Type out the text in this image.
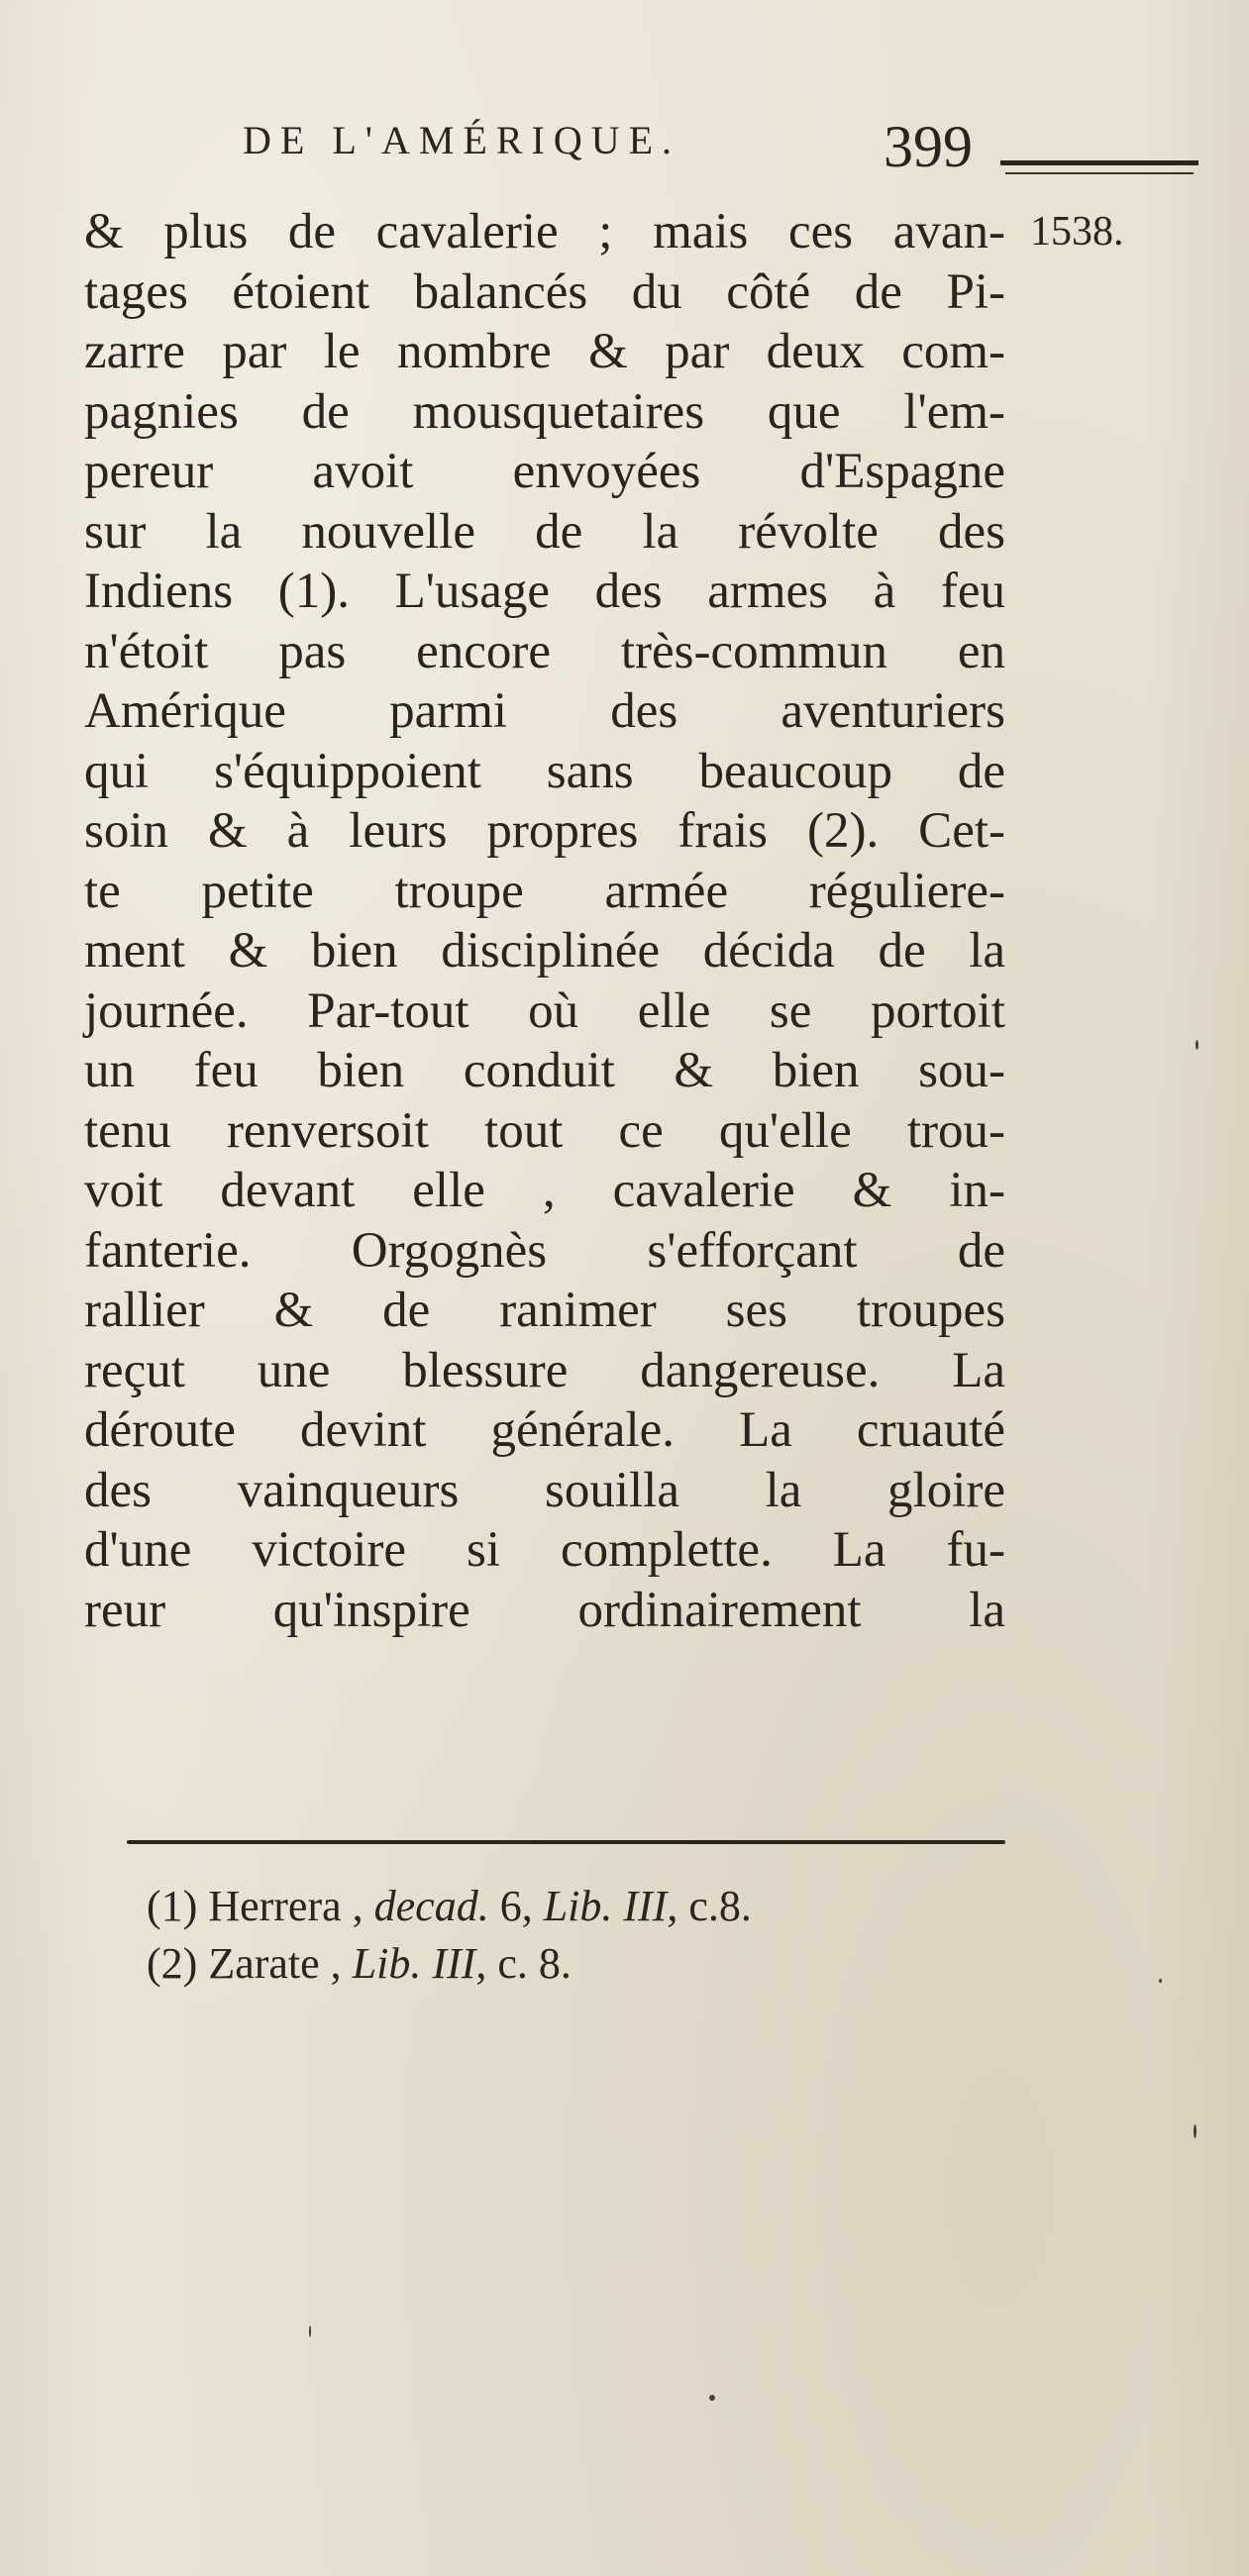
DE L'AMÉRIQUE.	399
1538.
& plus de cavalerie ; mais ces avan-
tages étoient balancés du côté de Pi-
zarre par le nombre & par deux com-
pagnies de mousquetaires que l'em-
pereur avoit envoyées d'Espagne
sur la nouvelle de la révolte des
Indiens (1). L'usage des armes à feu
n'étoit pas encore très-commun en
Amérique parmi des aventuriers
qui s'équippoient sans beaucoup de
soin & à leurs propres frais (2). Cet-
te petite troupe armée réguliere-
ment & bien disciplinée décida de la
journée. Par-tout où elle se portoit
un feu bien conduit & bien sou-
tenu renversoit tout ce qu'elle trou-
voit devant elle , cavalerie & in-
fanterie. Orgognès s'efforçant de
rallier & de ranimer ses troupes
reçut une blessure dangereuse. La
déroute devint générale. La cruauté
des vainqueurs souilla la gloire
d'une victoire si complette. La fu-
reur qu'inspire ordinairement la
(1) Herrera , decad. 6, Lib. III, c.8.
(2) Zarate , Lib. III, c. 8.
